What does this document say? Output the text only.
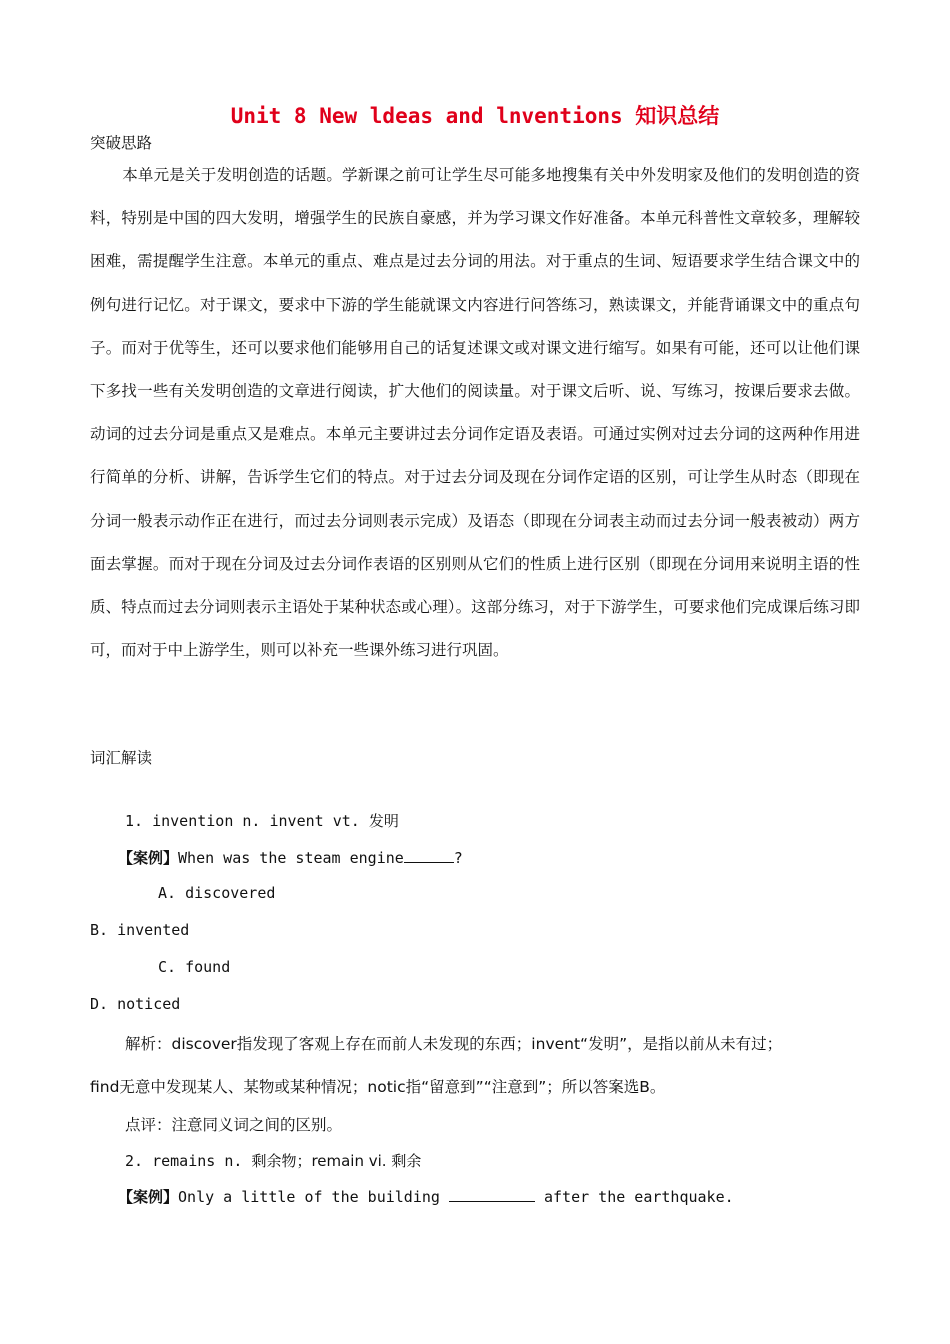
Unit 8 New ldeas and lnventions 知识总结
突破思路
本单元是关于发明创造的话题。学新课之前可让学生尽可能多地搜集有关中外发明家及他们的发明创造的资料，特别是中国的四大发明，增强学生的民族自豪感，并为学习课文作好准备。本单元科普性文章较多，理解较困难，需提醒学生注意。本单元的重点、难点是过去分词的用法。对于重点的生词、短语要求学生结合课文中的例句进行记忆。对于课文，要求中下游的学生能就课文内容进行问答练习，熟读课文，并能背诵课文中的重点句子。而对于优等生，还可以要求他们能够用自己的话复述课文或对课文进行缩写。如果有可能，还可以让他们课下多找一些有关发明创造的文章进行阅读，扩大他们的阅读量。对于课文后听、说、写练习，按课后要求去做。动词的过去分词是重点又是难点。本单元主要讲过去分词作定语及表语。可通过实例对过去分词的这两种作用进行简单的分析、讲解，告诉学生它们的特点。对于过去分词及现在分词作定语的区别，可让学生从时态（即现在分词一般表示动作正在进行，而过去分词则表示完成）及语态（即现在分词表主动而过去分词一般表被动）两方面去掌握。而对于现在分词及过去分词作表语的区别则从它们的性质上进行区别（即现在分词用来说明主语的性质、特点而过去分词则表示主语处于某种状态或心理）。这部分练习，对于下游学生，可要求他们完成课后练习即可，而对于中上游学生，则可以补充一些课外练习进行巩固。
词汇解读
1. invention n. invent vt. 发明
【案例】When was the steam engine	?
A. discovered
B. invented
C. found
D. noticed
解析：discover指发现了客观上存在而前人未发现的东西；invent“发明”，是指以前从未有过；
find无意中发现某人、某物或某种情况；notic指“留意到”“注意到”；所以答案选B。
点评：注意同义词之间的区别。
2. remains n. 剩余物；remain vi. 剩余
【案例】Only a little of the building	after the earthquake.
